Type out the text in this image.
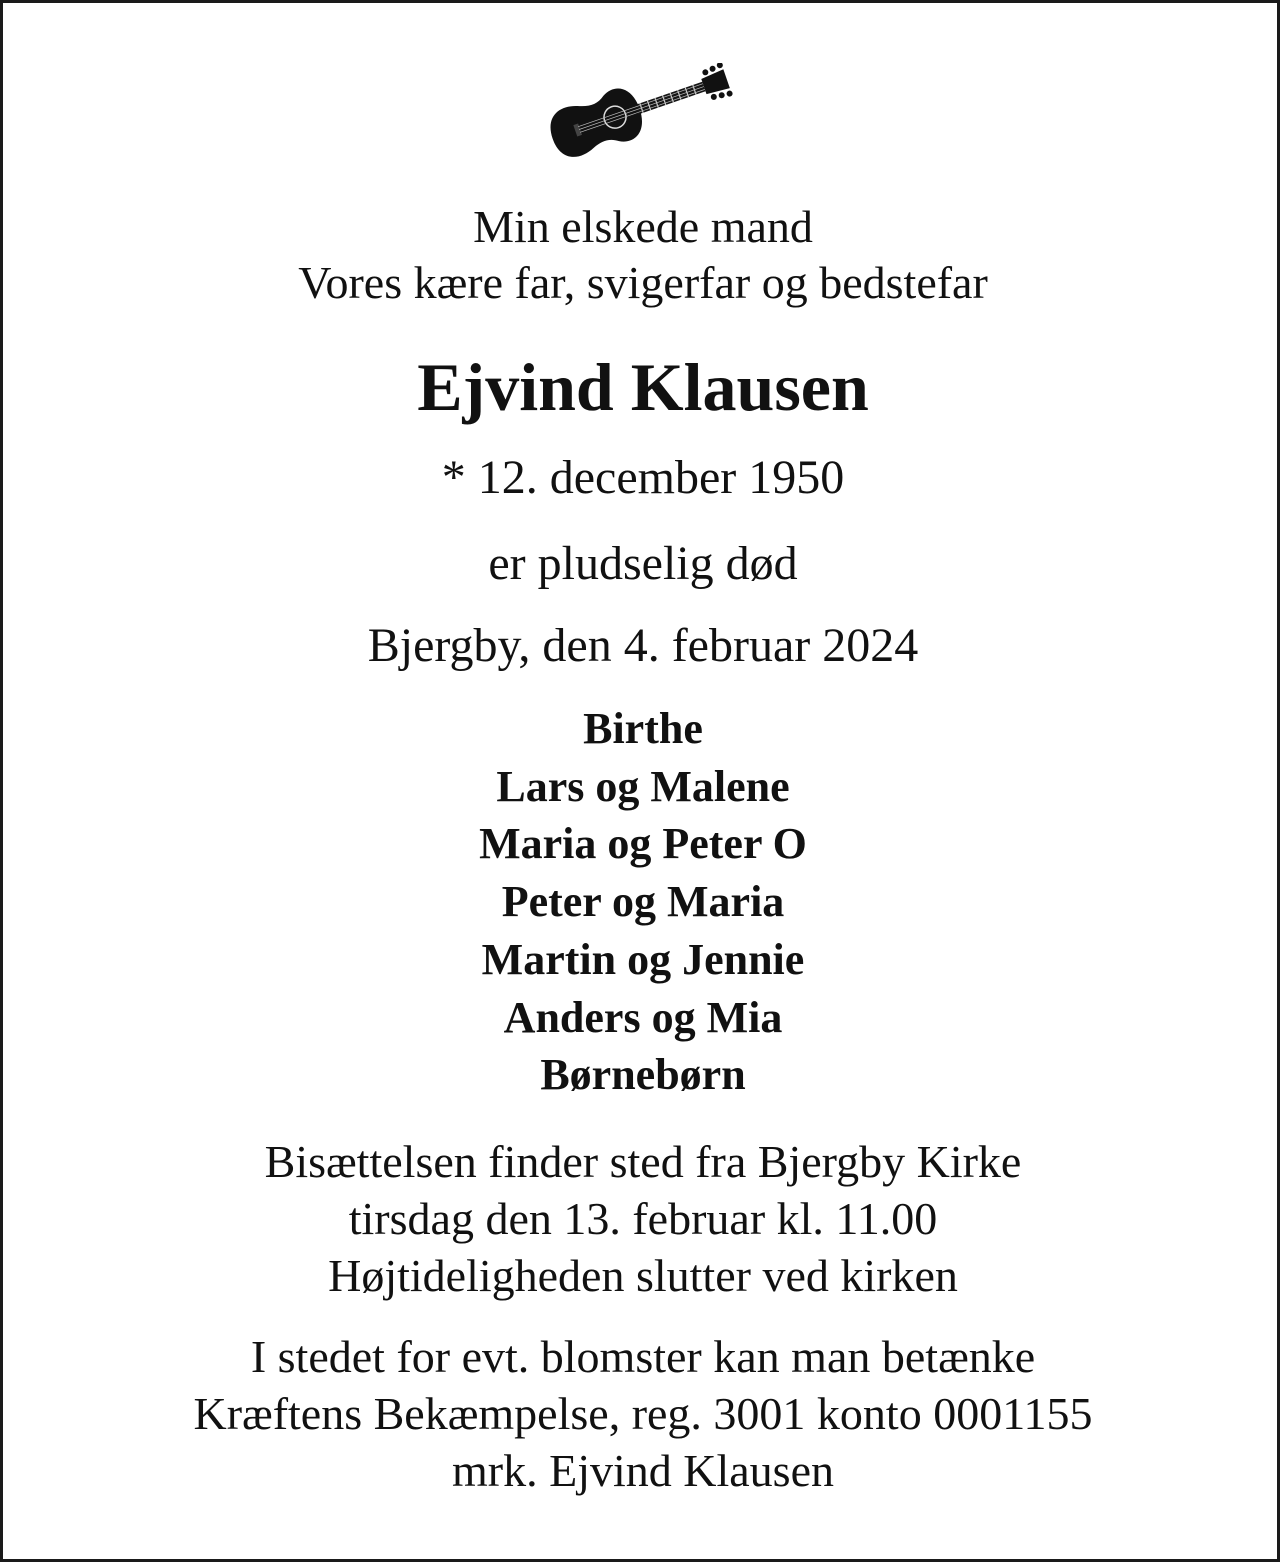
Min elskede mand
Vores kære far, svigerfar og bedstefar
Ejvind Klausen
* 12. december 1950
er pludselig død
Bjergby, den 4. februar 2024
Birthe
Lars og Malene
Maria og Peter O
Peter og Maria
Martin og Jennie
Anders og Mia
Børnebørn
Bisættelsen finder sted fra Bjergby Kirke
tirsdag den 13. februar kl. 11.00
Højtideligheden slutter ved kirken
I stedet for evt. blomster kan man betænke
Kræftens Bekæmpelse, reg. 3001 konto 0001155
mrk. Ejvind Klausen
